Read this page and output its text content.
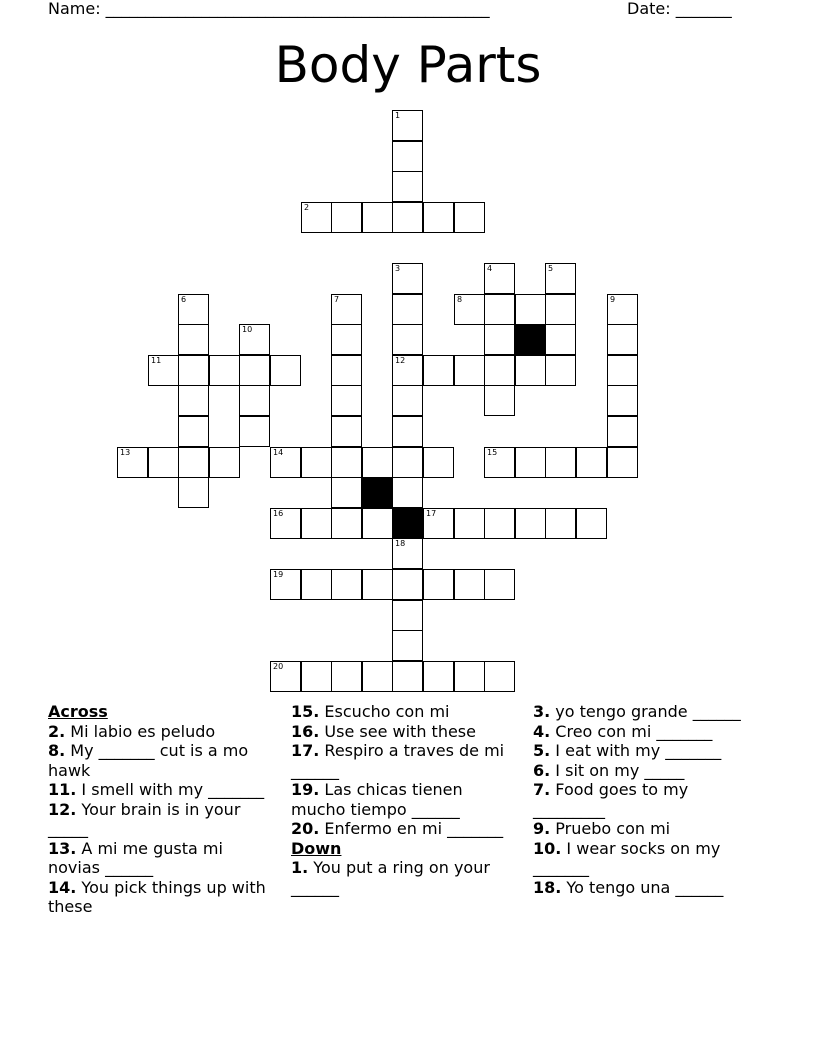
Name: ________________________________________________	Date: _______
Body Parts
1
2
3
12
18
4	5
6	7	8	9
10
11
13	14	15
16	17
19
20
Across
2. Mi labio es peludo
8. My _______ cut is a mo hawk
11. I smell with my _______
12. Your brain is in your _____
13. A mi me gusta mi novias ______
14. You pick things up with these
15. Escucho con mi
16. Use see with these
17. Respiro a traves de mi ______
19. Las chicas tienen mucho tiempo ______
20. Enfermo en mi _______
Down
1. You put a ring on your ______
3. yo tengo grande ______
4. Creo con mi _______
5. I eat with my _______
6. I sit on my _____
7. Food goes to my _________
9. Pruebo con mi
10. I wear socks on my _______
18. Yo tengo una ______
